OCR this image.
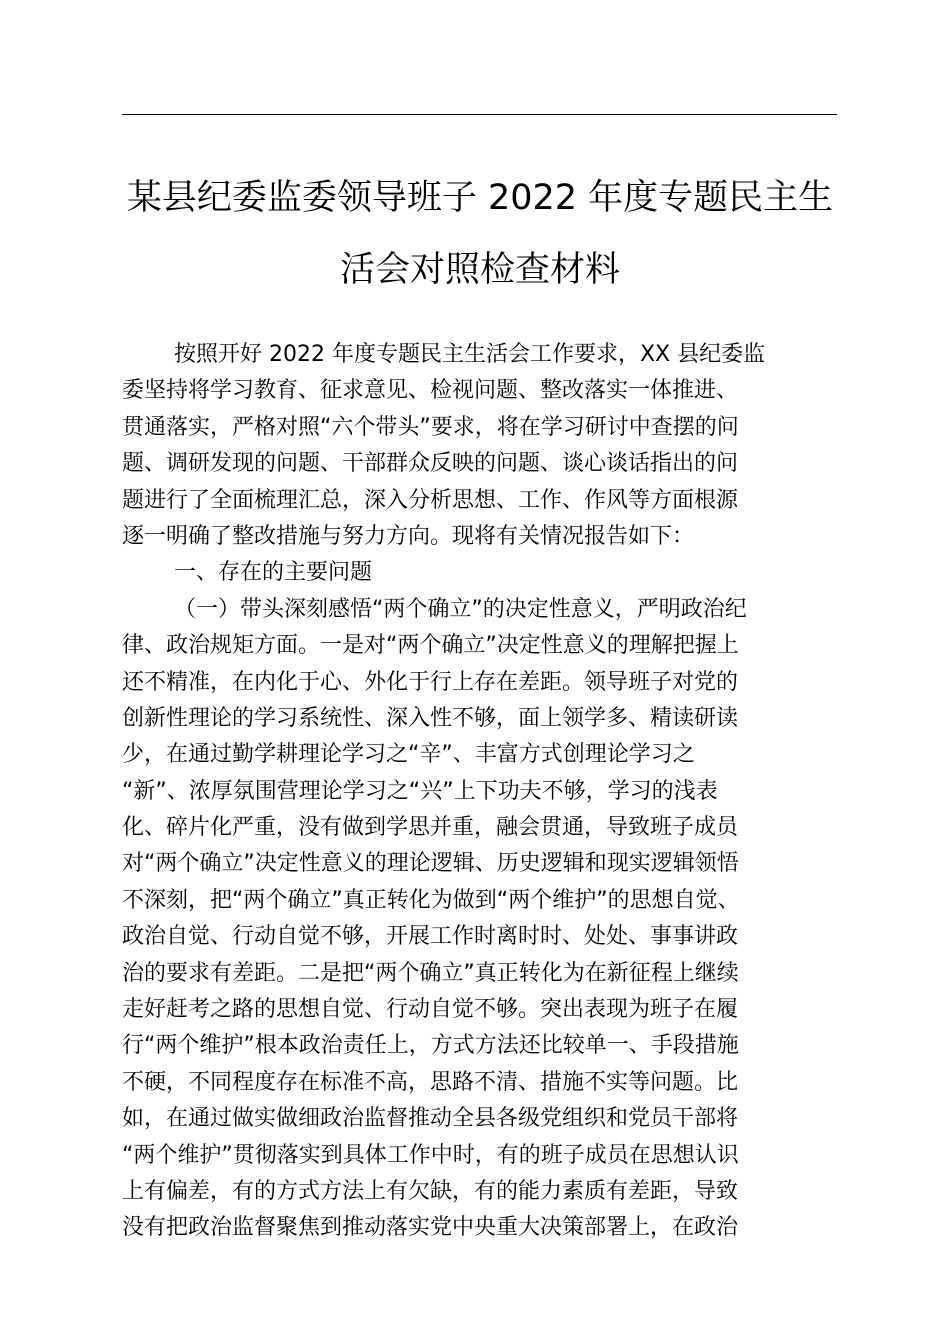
某县纪委监委领导班子 2022 年度专题民主生
活会对照检查材料
按照开好 2022 年度专题民主生活会工作要求，XX 县纪委监
委坚持将学习教育、征求意见、检视问题、整改落实一体推进、
贯通落实，严格对照“六个带头”要求，将在学习研讨中查摆的问
题、调研发现的问题、干部群众反映的问题、谈心谈话指出的问
题进行了全面梳理汇总，深入分析思想、工作、作风等方面根源
逐一明确了整改措施与努力方向。现将有关情况报告如下：
一、存在的主要问题
（一）带头深刻感悟“两个确立”的决定性意义，严明政治纪
律、政治规矩方面。一是对“两个确立”决定性意义的理解把握上
还不精准，在内化于心、外化于行上存在差距。领导班子对党的
创新性理论的学习系统性、深入性不够，面上领学多、精读研读
少，在通过勤学耕理论学习之“辛”、丰富方式创理论学习之
“新”、浓厚氛围营理论学习之“兴”上下功夫不够，学习的浅表
化、碎片化严重，没有做到学思并重，融会贯通，导致班子成员
对“两个确立”决定性意义的理论逻辑、历史逻辑和现实逻辑领悟
不深刻，把“两个确立”真正转化为做到“两个维护”的思想自觉、
政治自觉、行动自觉不够，开展工作时离时时、处处、事事讲政
治的要求有差距。二是把“两个确立”真正转化为在新征程上继续
走好赶考之路的思想自觉、行动自觉不够。突出表现为班子在履
行“两个维护”根本政治责任上，方式方法还比较单一、手段措施
不硬，不同程度存在标准不高，思路不清、措施不实等问题。比
如，在通过做实做细政治监督推动全县各级党组织和党员干部将
“两个维护”贯彻落实到具体工作中时，有的班子成员在思想认识
上有偏差，有的方式方法上有欠缺，有的能力素质有差距，导致
没有把政治监督聚焦到推动落实党中央重大决策部署上，在政治
